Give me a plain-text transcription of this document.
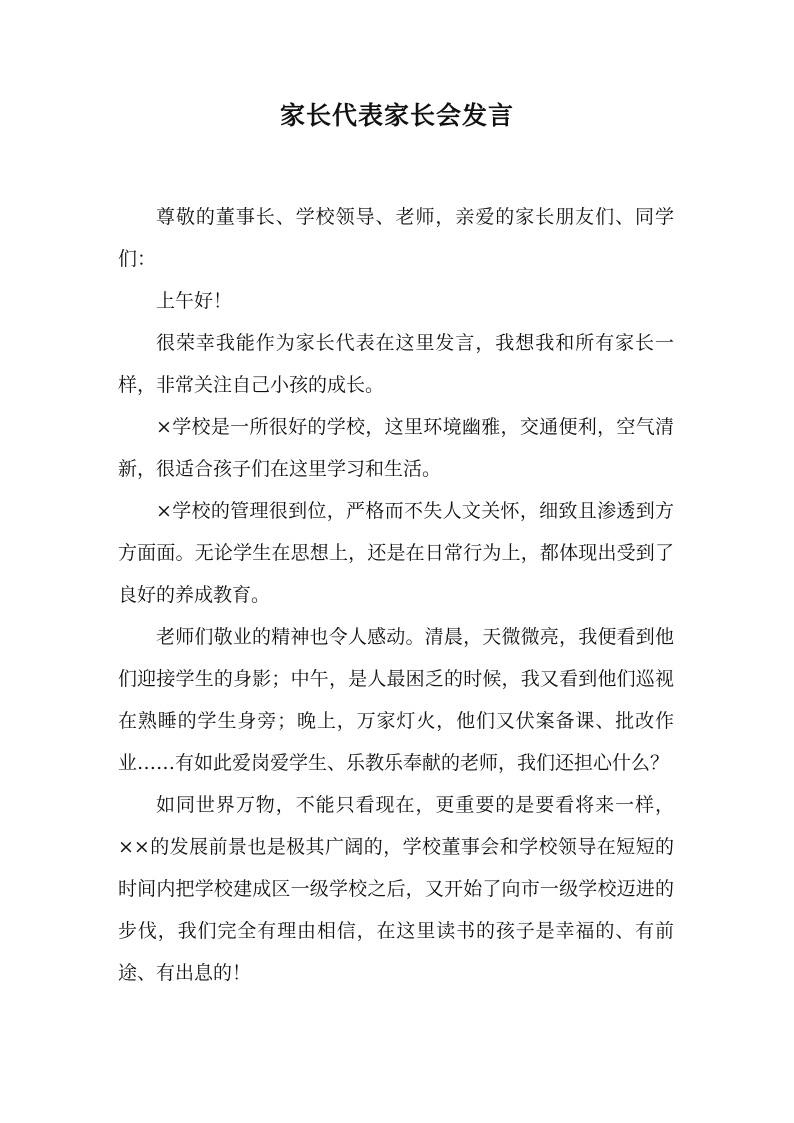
家长代表家长会发言

尊敬的董事长、学校领导、老师，亲爱的家长朋友们、同学们：

上午好！

很荣幸我能作为家长代表在这里发言，我想我和所有家长一样，非常关注自己小孩的成长。

×学校是一所很好的学校，这里环境幽雅，交通便利，空气清新，很适合孩子们在这里学习和生活。

×学校的管理很到位，严格而不失人文关怀，细致且渗透到方方面面。无论学生在思想上，还是在日常行为上，都体现出受到了良好的养成教育。

老师们敬业的精神也令人感动。清晨，天微微亮，我便看到他们迎接学生的身影；中午，是人最困乏的时候，我又看到他们巡视在熟睡的学生身旁；晚上，万家灯火，他们又伏案备课、批改作业……有如此爱岗爱学生、乐教乐奉献的老师，我们还担心什么？

如同世界万物，不能只看现在，更重要的是要看将来一样，××的发展前景也是极其广阔的，学校董事会和学校领导在短短的时间内把学校建成区一级学校之后，又开始了向市一级学校迈进的步伐，我们完全有理由相信，在这里读书的孩子是幸福的、有前途、有出息的！
